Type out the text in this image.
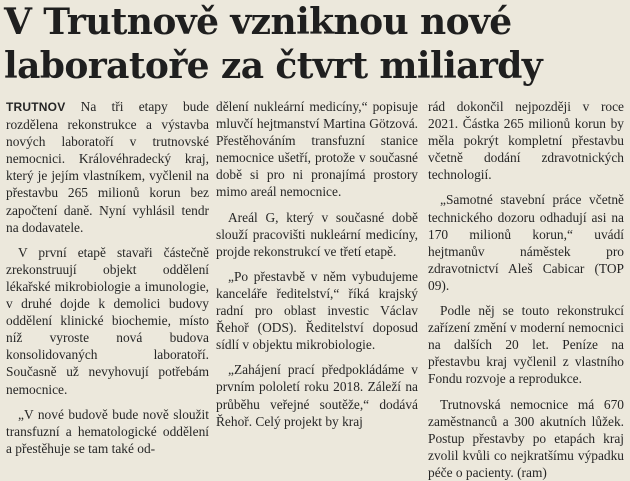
V Trutnově vzniknou nové
laboratoře za čtvrt miliardy

TRUTNOV Na tři etapy bude rozdělena rekonstrukce a výstavba nových laboratoří v trutnovské nemocnici. Královéhradecký kraj, který je jejím vlastníkem, vyčlenil na přestavbu 265 milionů korun bez započtení daně. Nyní vyhlásil tendr na dodavatele.

V první etapě stavaři částečně zrekonstruují objekt oddělení lékařské mikrobiologie a imunologie, v druhé dojde k demolici budovy oddělení klinické biochemie, místo níž vyroste nová budova konsolidovaných laboratoří. Současně už nevyhovují potřebám nemocnice.

„V nové budově bude nově sloužit transfuzní a hematologické oddělení a přestěhuje se tam také od-

dělení nukleární medicíny,“ popisuje mluvčí hejtmanství Martina Götzová. Přestěhováním transfuzní stanice nemocnice ušetří, protože v současné době si pro ni pronajímá prostory mimo areál nemocnice.

Areál G, který v současné době slouží pracovišti nukleární medicíny, projde rekonstrukcí ve třetí etapě.

„Po přestavbě v něm vybudujeme kanceláře ředitelství,“ říká krajský radní pro oblast investic Václav Řehoř (ODS). Ředitelství doposud sídlí v objektu mikrobiologie.

„Zahájení prací předpokládáme v prvním pololetí roku 2018. Záleží na průběhu veřejné soutěže,“ dodává Řehoř. Celý projekt by kraj

rád dokončil nejpozději v roce 2021. Částka 265 milionů korun by měla pokrýt kompletní přestavbu včetně dodání zdravotnických technologií.

„Samotné stavební práce včetně technického dozoru odhadují asi na 170 milionů korun,“ uvádí hejtmanův náměstek pro zdravotnictví Aleš Cabicar (TOP 09).

Podle něj se touto rekonstrukcí zařízení změní v moderní nemocnici na dalších 20 let. Peníze na přestavbu kraj vyčlenil z vlastního Fondu rozvoje a reprodukce.

Trutnovská nemocnice má 670 zaměstnanců a 300 akutních lůžek. Postup přestavby po etapách kraj zvolil kvůli co nejkratšímu výpadku péče o pacienty. (ram)
